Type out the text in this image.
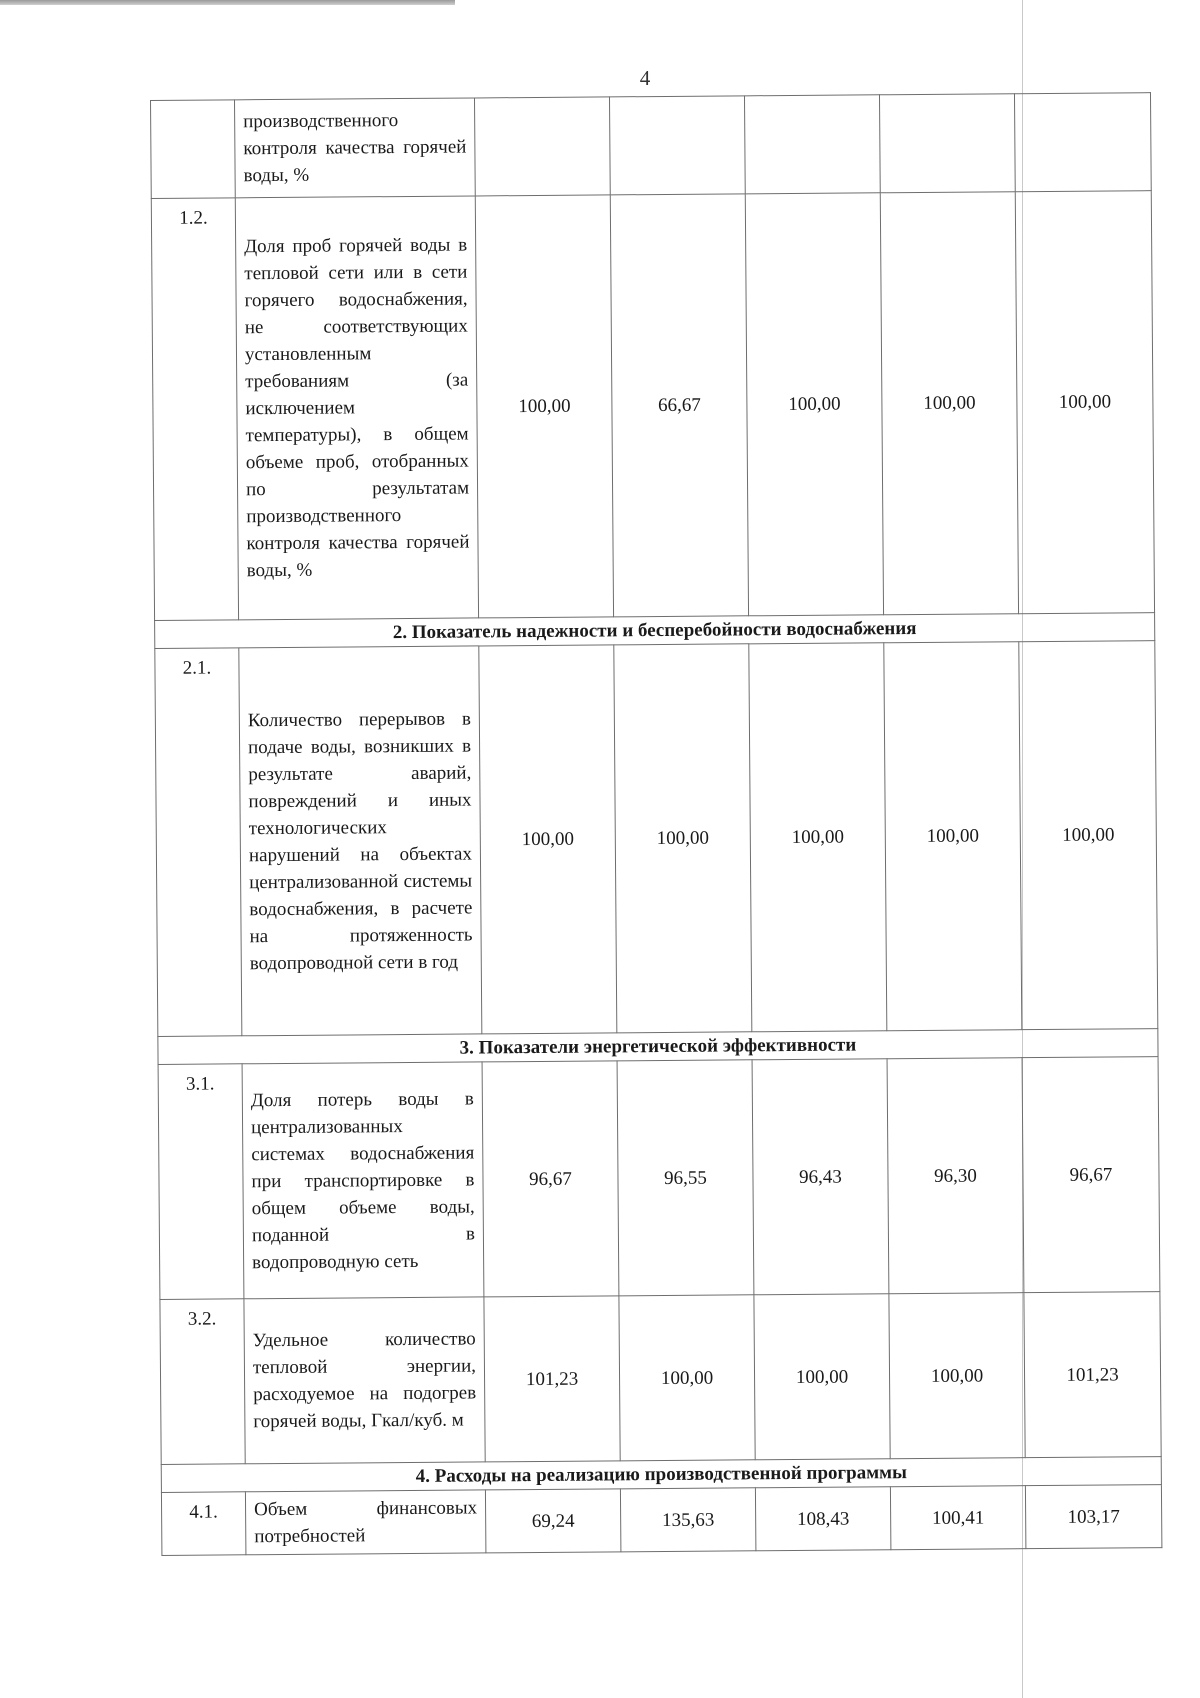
4
	производственного контроля качества горячей воды, %					
1.2.	Доля проб горячей воды в тепловой сети или в сети горячего водоснабжения, не соответствующих установленным требованиям (за исключением температуры), в общем объеме проб, отобранных по результатам производственного контроля качества горячей воды, %	100,00	66,67	100,00	100,00	100,00
2. Показатель надежности и бесперебойности водоснабжения						
2.1.	Количество перерывов в подаче воды, возникших в результате аварий, повреждений и иных технологических нарушений на объектах централизованной системы водоснабжения, в расчете на протяженность водопроводной сети в год	100,00	100,00	100,00	100,00	100,00
3. Показатели энергетической эффективности						
3.1.	Доля потерь воды в централизованных системах водоснабжения при транспортировке в общем объеме воды, поданной в водопроводную сеть	96,67	96,55	96,43	96,30	96,67
3.2.	Удельное количество тепловой энергии, расходуемое на подогрев горячей воды, Гкал/куб. м	101,23	100,00	100,00	100,00	101,23
4. Расходы на реализацию производственной программы						
4.1.	Объем финансовых потребностей	69,24	135,63	108,43	100,41	103,17
